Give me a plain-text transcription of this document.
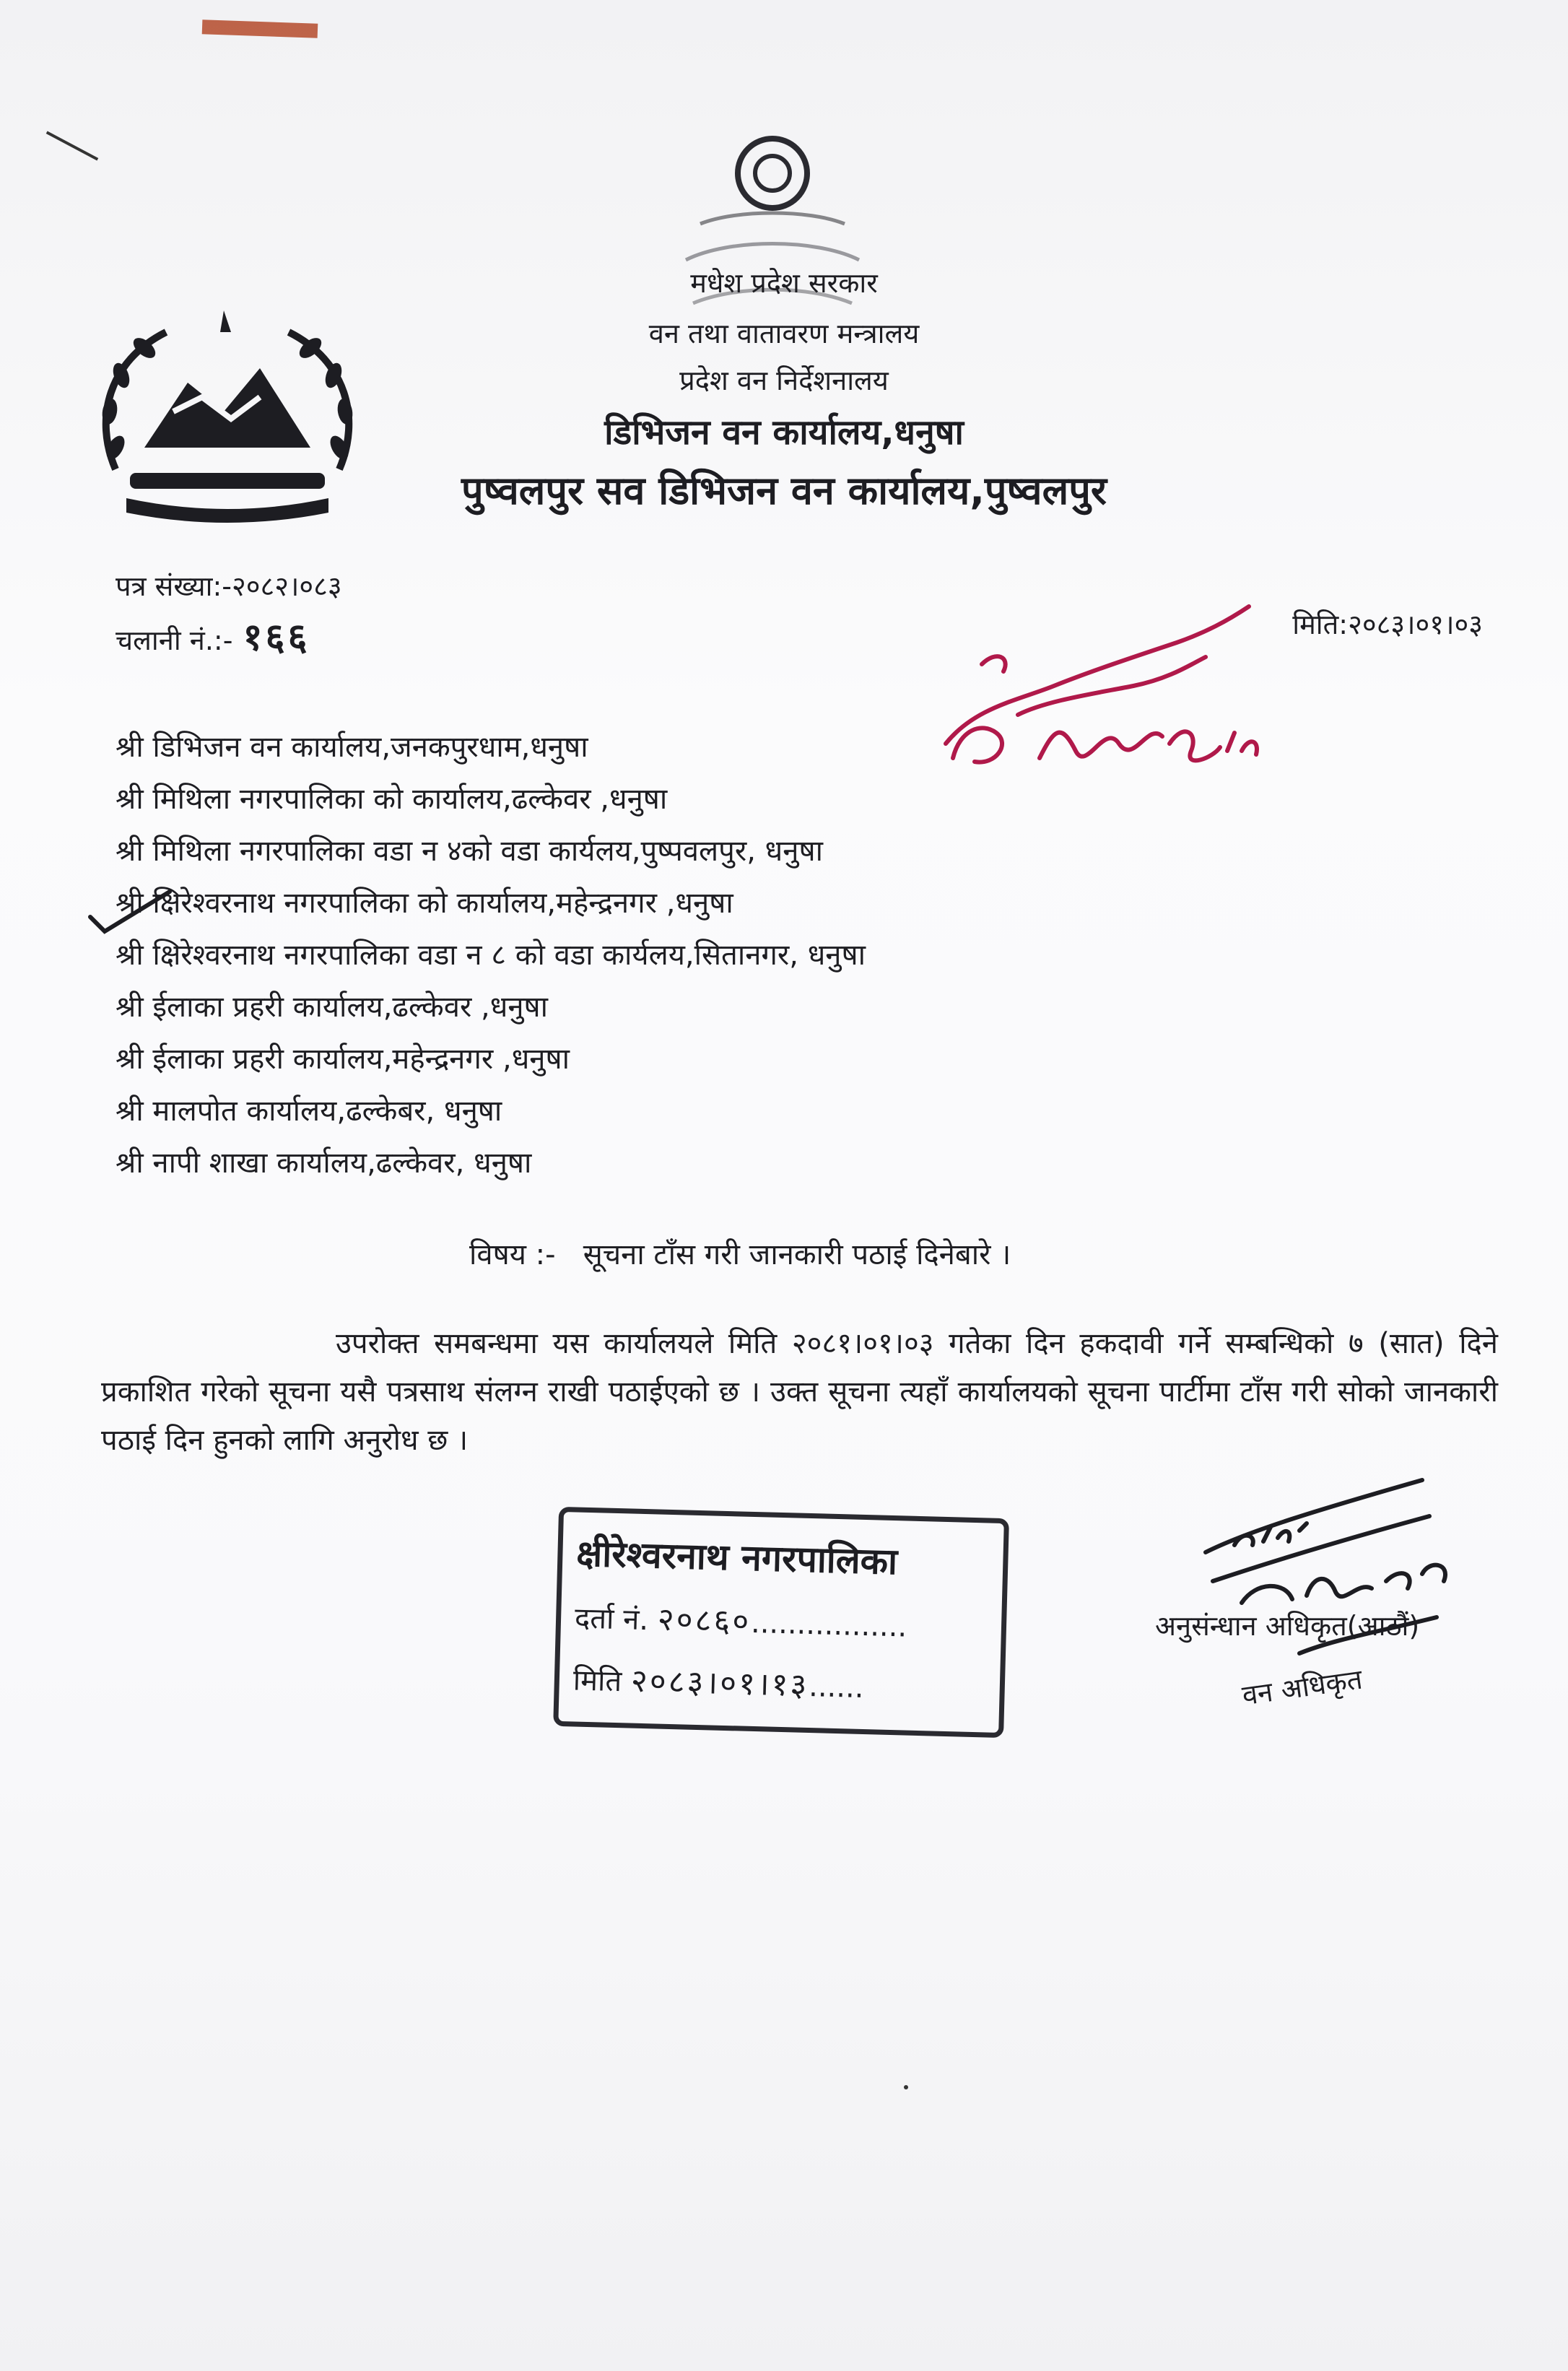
मधेश प्रदेश सरकार
वन तथा वातावरण मन्त्रालय
प्रदेश वन निर्देशनालय
डिभिजन वन कार्यालय,धनुषा
पुष्वलपुर सव डिभिजन वन कार्यालय,पुष्वलपुर
पत्र संख्या:-२०८२।०८३
चलानी नं.:- १६६	मिति:२०८३।०१।०३
श्री डिभिजन वन कार्यालय,जनकपुरधाम,धनुषा
श्री मिथिला नगरपालिका को कार्यालय,ढल्केवर ,धनुषा
श्री मिथिला नगरपालिका वडा न ४को वडा कार्यलय,पुष्पवलपुर, धनुषा
श्री क्षिरेश्वरनाथ नगरपालिका को कार्यालय,महेन्द्रनगर ,धनुषा
श्री क्षिरेश्वरनाथ नगरपालिका वडा न ८ को वडा कार्यलय,सितानगर, धनुषा
श्री ईलाका प्रहरी कार्यालय,ढल्केवर ,धनुषा
श्री ईलाका प्रहरी कार्यालय,महेन्द्रनगर ,धनुषा
श्री मालपोत कार्यालय,ढल्केबर, धनुषा
श्री नापी शाखा कार्यालय,ढल्केवर, धनुषा
विषय :- सूचना टाँस गरी जानकारी पठाई दिनेबारे ।
उपरोक्त समबन्धमा यस कार्यालयले मिति २०८१।०१।०३ गतेका दिन हकदावी गर्ने सम्बन्धिको ७ (सात) दिने प्रकाशित गरेको सूचना यसै पत्रसाथ संलग्न राखी पठाईएको छ । उक्त सूचना त्यहाँ कार्यालयको सूचना पार्टीमा टाँस गरी सोको जानकारी पठाई दिन हुनको लागि अनुरोध छ ।
क्षीरेश्वरनाथ नगरपालिका
दर्ता नं. २०८६०.................
मिति २०८३।०१।१३......
अनुसंन्धान अधिकृत(आठौं)
वन अधिकृत
